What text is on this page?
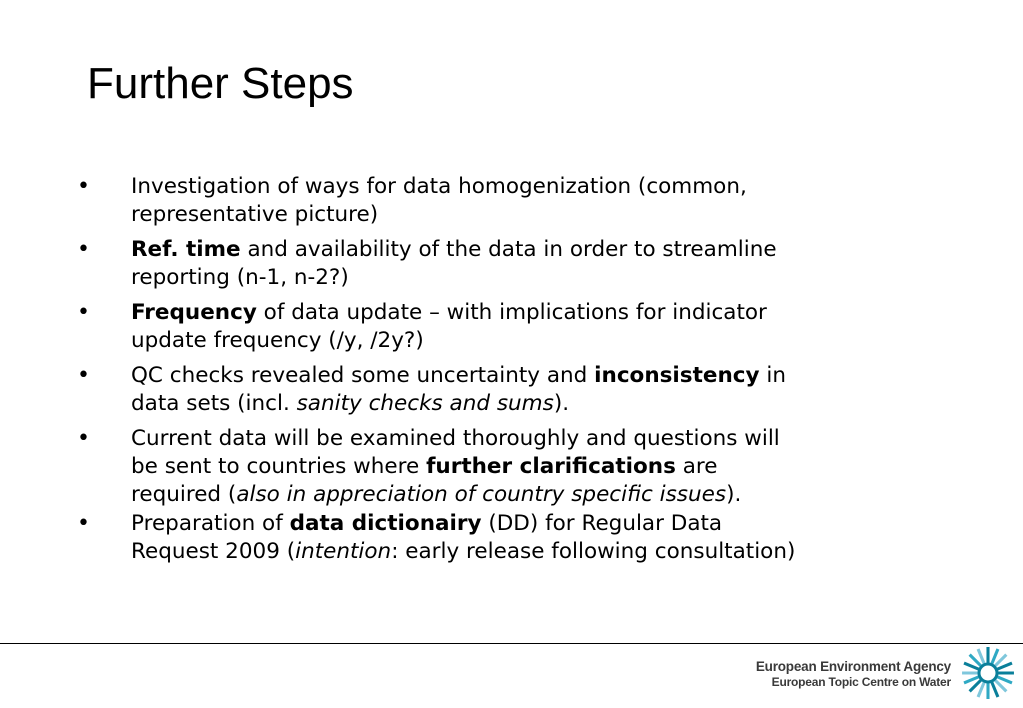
Further Steps
• Investigation of ways for data homogenization (common,
representative picture)
• Ref. time and availability of the data in order to streamline
reporting (n-1, n-2?)
• Frequency of data update – with implications for indicator
update frequency (/y, /2y?)
• QC checks revealed some uncertainty and inconsistency in
data sets (incl. sanity checks and sums).
• Current data will be examined thoroughly and questions will
be sent to countries where further clarifications are
required (also in appreciation of country specific issues).
• Preparation of data dictionairy (DD) for Regular Data
Request 2009 (intention: early release following consultation)
European Environment Agency
European Topic Centre on Water
